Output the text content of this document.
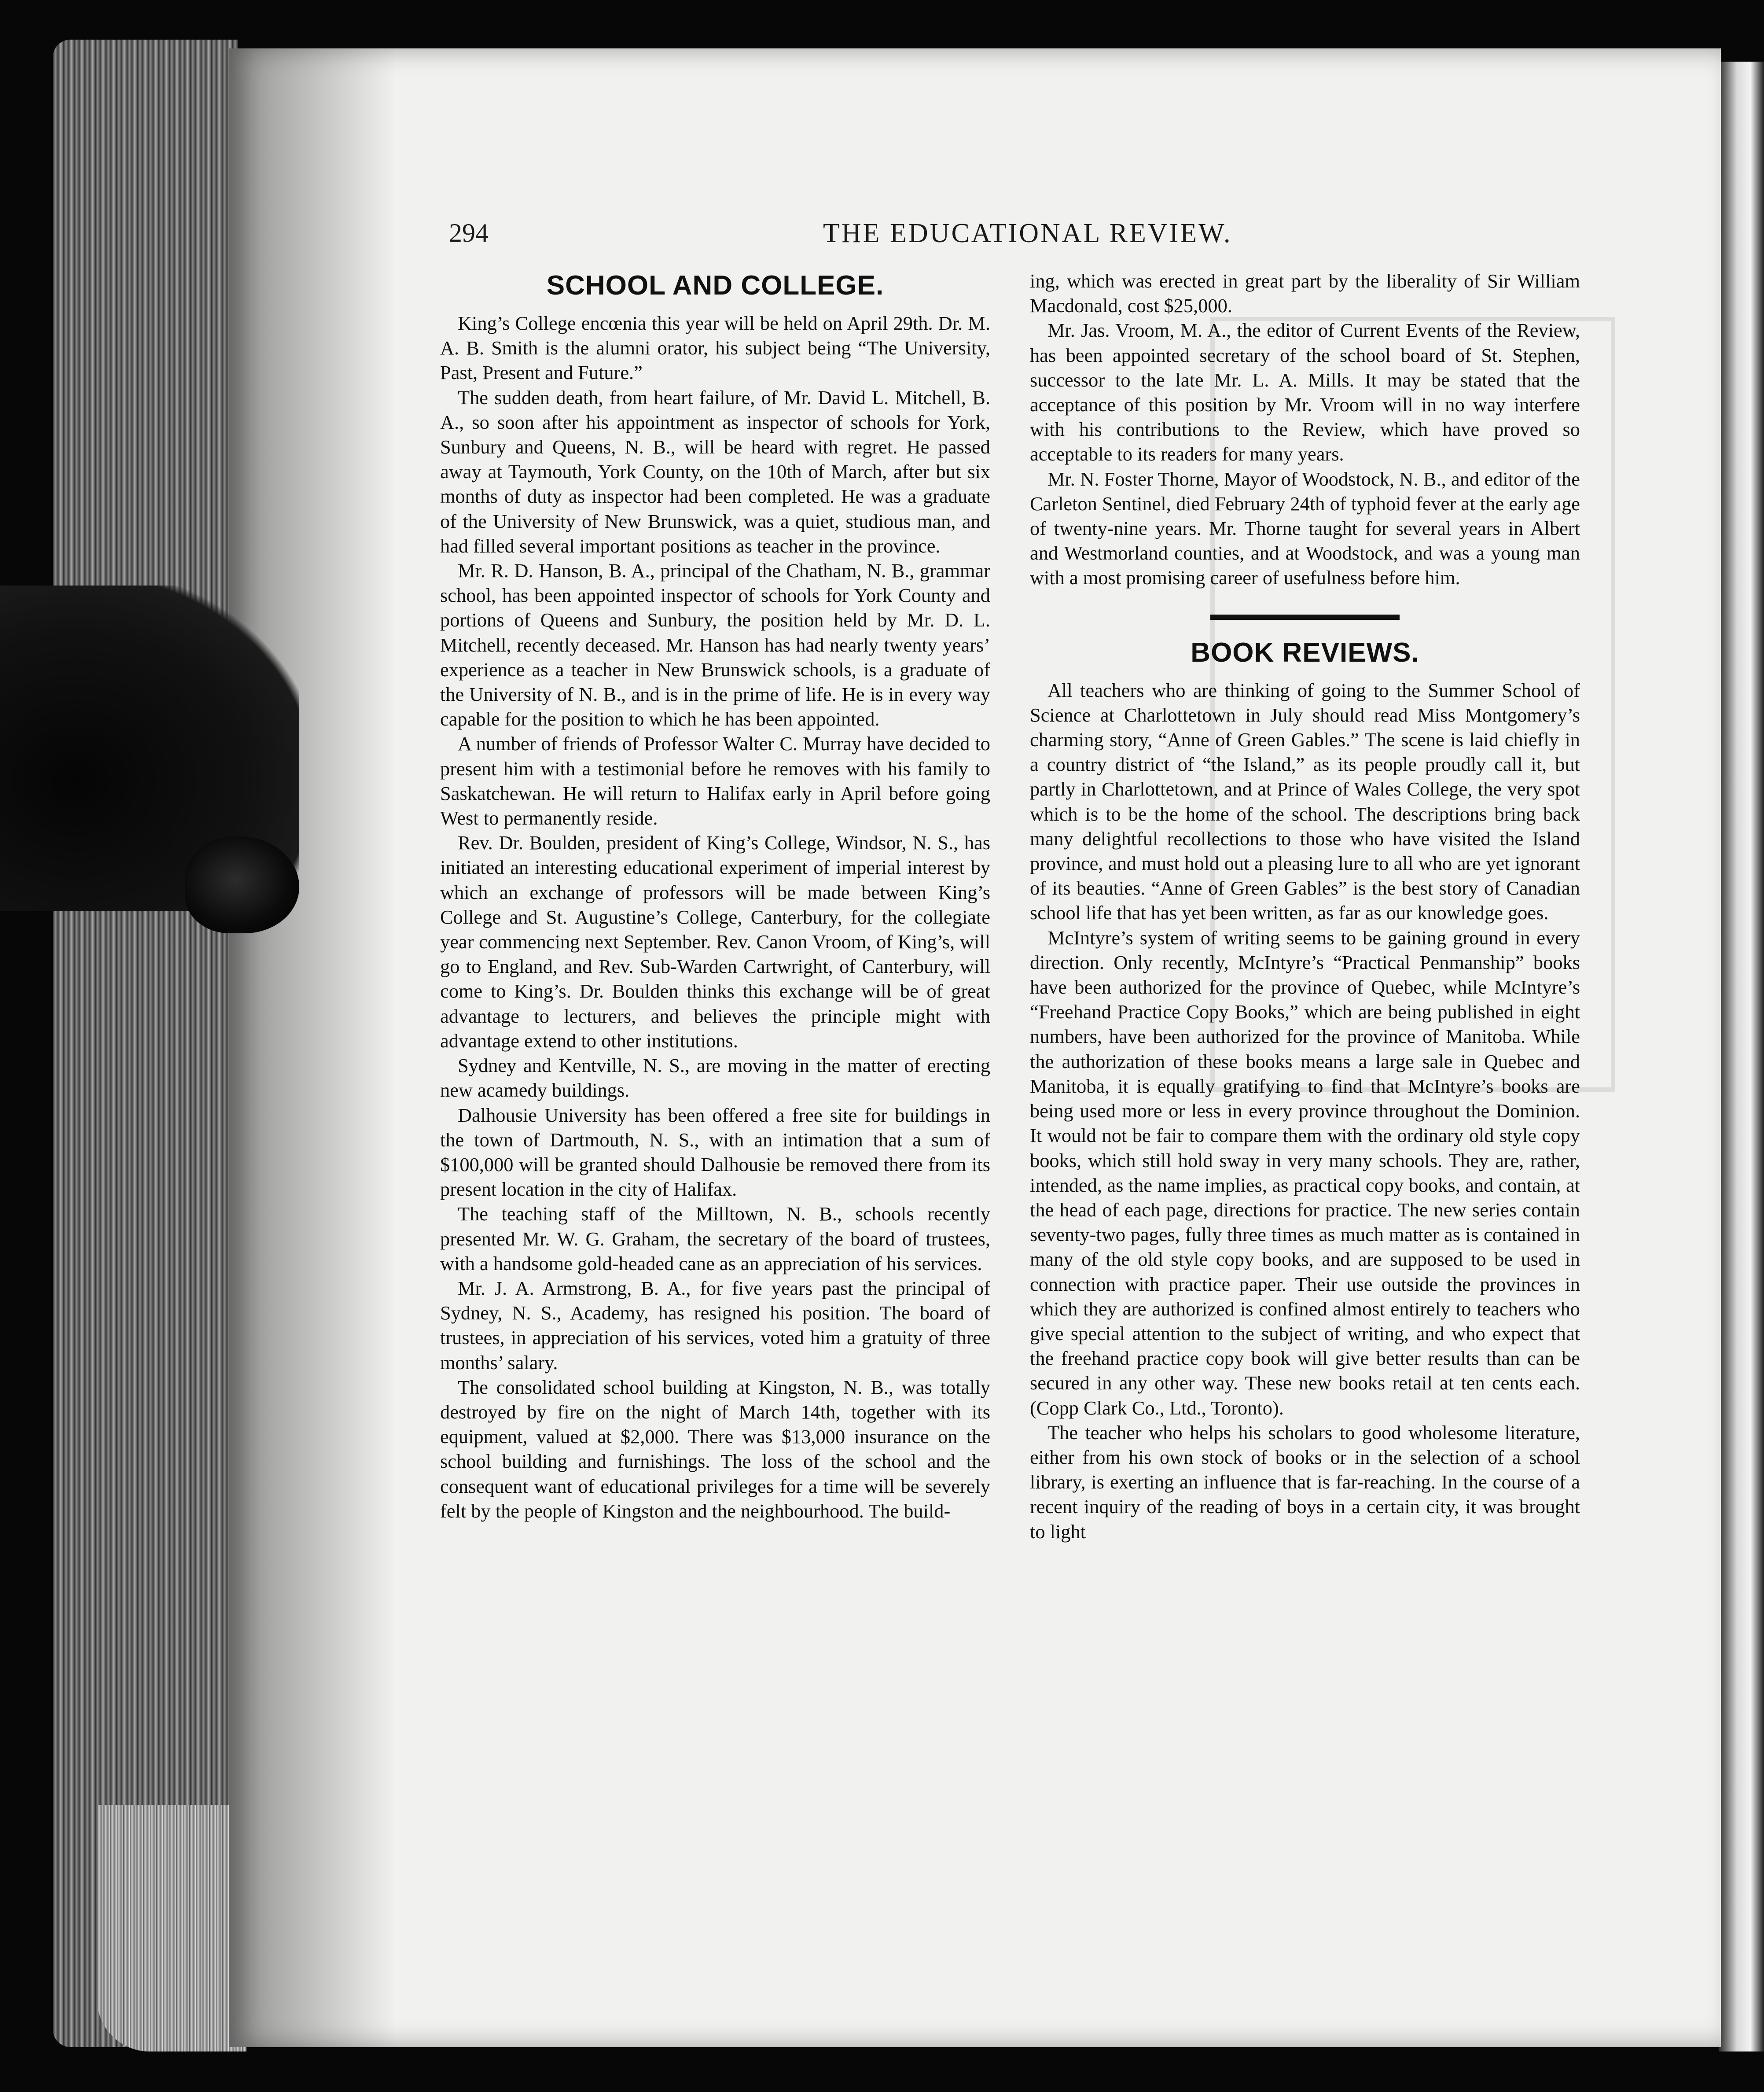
294	THE EDUCATIONAL REVIEW.
SCHOOL AND COLLEGE.

King’s College encœnia this year will be held on April 29th. Dr. M. A. B. Smith is the alumni orator, his subject being “The University, Past, Present and Future.”

The sudden death, from heart failure, of Mr. David L. Mitchell, B. A., so soon after his appointment as inspector of schools for York, Sunbury and Queens, N. B., will be heard with regret. He passed away at Taymouth, York County, on the 10th of March, after but six months of duty as inspector had been completed. He was a graduate of the University of New Brunswick, was a quiet, studious man, and had filled several important positions as teacher in the province.

Mr. R. D. Hanson, B. A., principal of the Chatham, N. B., grammar school, has been appointed inspector of schools for York County and portions of Queens and Sunbury, the position held by Mr. D. L. Mitchell, recently deceased. Mr. Hanson has had nearly twenty years’ experience as a teacher in New Brunswick schools, is a graduate of the University of N. B., and is in the prime of life. He is in every way capable for the position to which he has been appointed.

A number of friends of Professor Walter C. Murray have decided to present him with a testimonial before he removes with his family to Saskatchewan. He will return to Halifax early in April before going West to permanently reside.

Rev. Dr. Boulden, president of King’s College, Windsor, N. S., has initiated an interesting educational experiment of imperial interest by which an exchange of professors will be made between King’s College and St. Augustine’s College, Canterbury, for the collegiate year commencing next September. Rev. Canon Vroom, of King’s, will go to England, and Rev. Sub-Warden Cartwright, of Canterbury, will come to King’s. Dr. Boulden thinks this exchange will be of great advantage to lecturers, and believes the principle might with advantage extend to other institutions.

Sydney and Kentville, N. S., are moving in the matter of erecting new acamedy buildings.

Dalhousie University has been offered a free site for buildings in the town of Dartmouth, N. S., with an intimation that a sum of $100,000 will be granted should Dalhousie be removed there from its present location in the city of Halifax.

The teaching staff of the Milltown, N. B., schools recently presented Mr. W. G. Graham, the secretary of the board of trustees, with a handsome gold-headed cane as an appreciation of his services.

Mr. J. A. Armstrong, B. A., for five years past the principal of Sydney, N. S., Academy, has resigned his position. The board of trustees, in appreciation of his services, voted him a gratuity of three months’ salary.

The consolidated school building at Kingston, N. B., was totally destroyed by fire on the night of March 14th, together with its equipment, valued at $2,000. There was $13,000 insurance on the school building and furnishings. The loss of the school and the consequent want of educational privileges for a time will be severely felt by the people of Kingston and the neighbourhood. The build-

ing, which was erected in great part by the liberality of Sir William Macdonald, cost $25,000.

Mr. Jas. Vroom, M. A., the editor of Current Events of the Review, has been appointed secretary of the school board of St. Stephen, successor to the late Mr. L. A. Mills. It may be stated that the acceptance of this position by Mr. Vroom will in no way interfere with his contributions to the Review, which have proved so acceptable to its readers for many years.

Mr. N. Foster Thorne, Mayor of Woodstock, N. B., and editor of the Carleton Sentinel, died February 24th of typhoid fever at the early age of twenty-nine years. Mr. Thorne taught for several years in Albert and Westmorland counties, and at Woodstock, and was a young man with a most promising career of usefulness before him.

BOOK REVIEWS.

All teachers who are thinking of going to the Summer School of Science at Charlottetown in July should read Miss Montgomery’s charming story, “Anne of Green Gables.” The scene is laid chiefly in a country district of “the Island,” as its people proudly call it, but partly in Charlottetown, and at Prince of Wales College, the very spot which is to be the home of the school. The descriptions bring back many delightful recollections to those who have visited the Island province, and must hold out a pleasing lure to all who are yet ignorant of its beauties. “Anne of Green Gables” is the best story of Canadian school life that has yet been written, as far as our knowledge goes.

McIntyre’s system of writing seems to be gaining ground in every direction. Only recently, McIntyre’s “Practical Penmanship” books have been authorized for the province of Quebec, while McIntyre’s “Freehand Practice Copy Books,” which are being published in eight numbers, have been authorized for the province of Manitoba. While the authorization of these books means a large sale in Quebec and Manitoba, it is equally gratifying to find that McIntyre’s books are being used more or less in every province throughout the Dominion. It would not be fair to compare them with the ordinary old style copy books, which still hold sway in very many schools. They are, rather, intended, as the name implies, as practical copy books, and contain, at the head of each page, directions for practice. The new series contain seventy-two pages, fully three times as much matter as is contained in many of the old style copy books, and are supposed to be used in connection with practice paper. Their use outside the provinces in which they are authorized is confined almost entirely to teachers who give special attention to the subject of writing, and who expect that the freehand practice copy book will give better results than can be secured in any other way. These new books retail at ten cents each. (Copp Clark Co., Ltd., Toronto).

The teacher who helps his scholars to good wholesome literature, either from his own stock of books or in the selection of a school library, is exerting an influence that is far-reaching. In the course of a recent inquiry of the reading of boys in a certain city, it was brought to light
